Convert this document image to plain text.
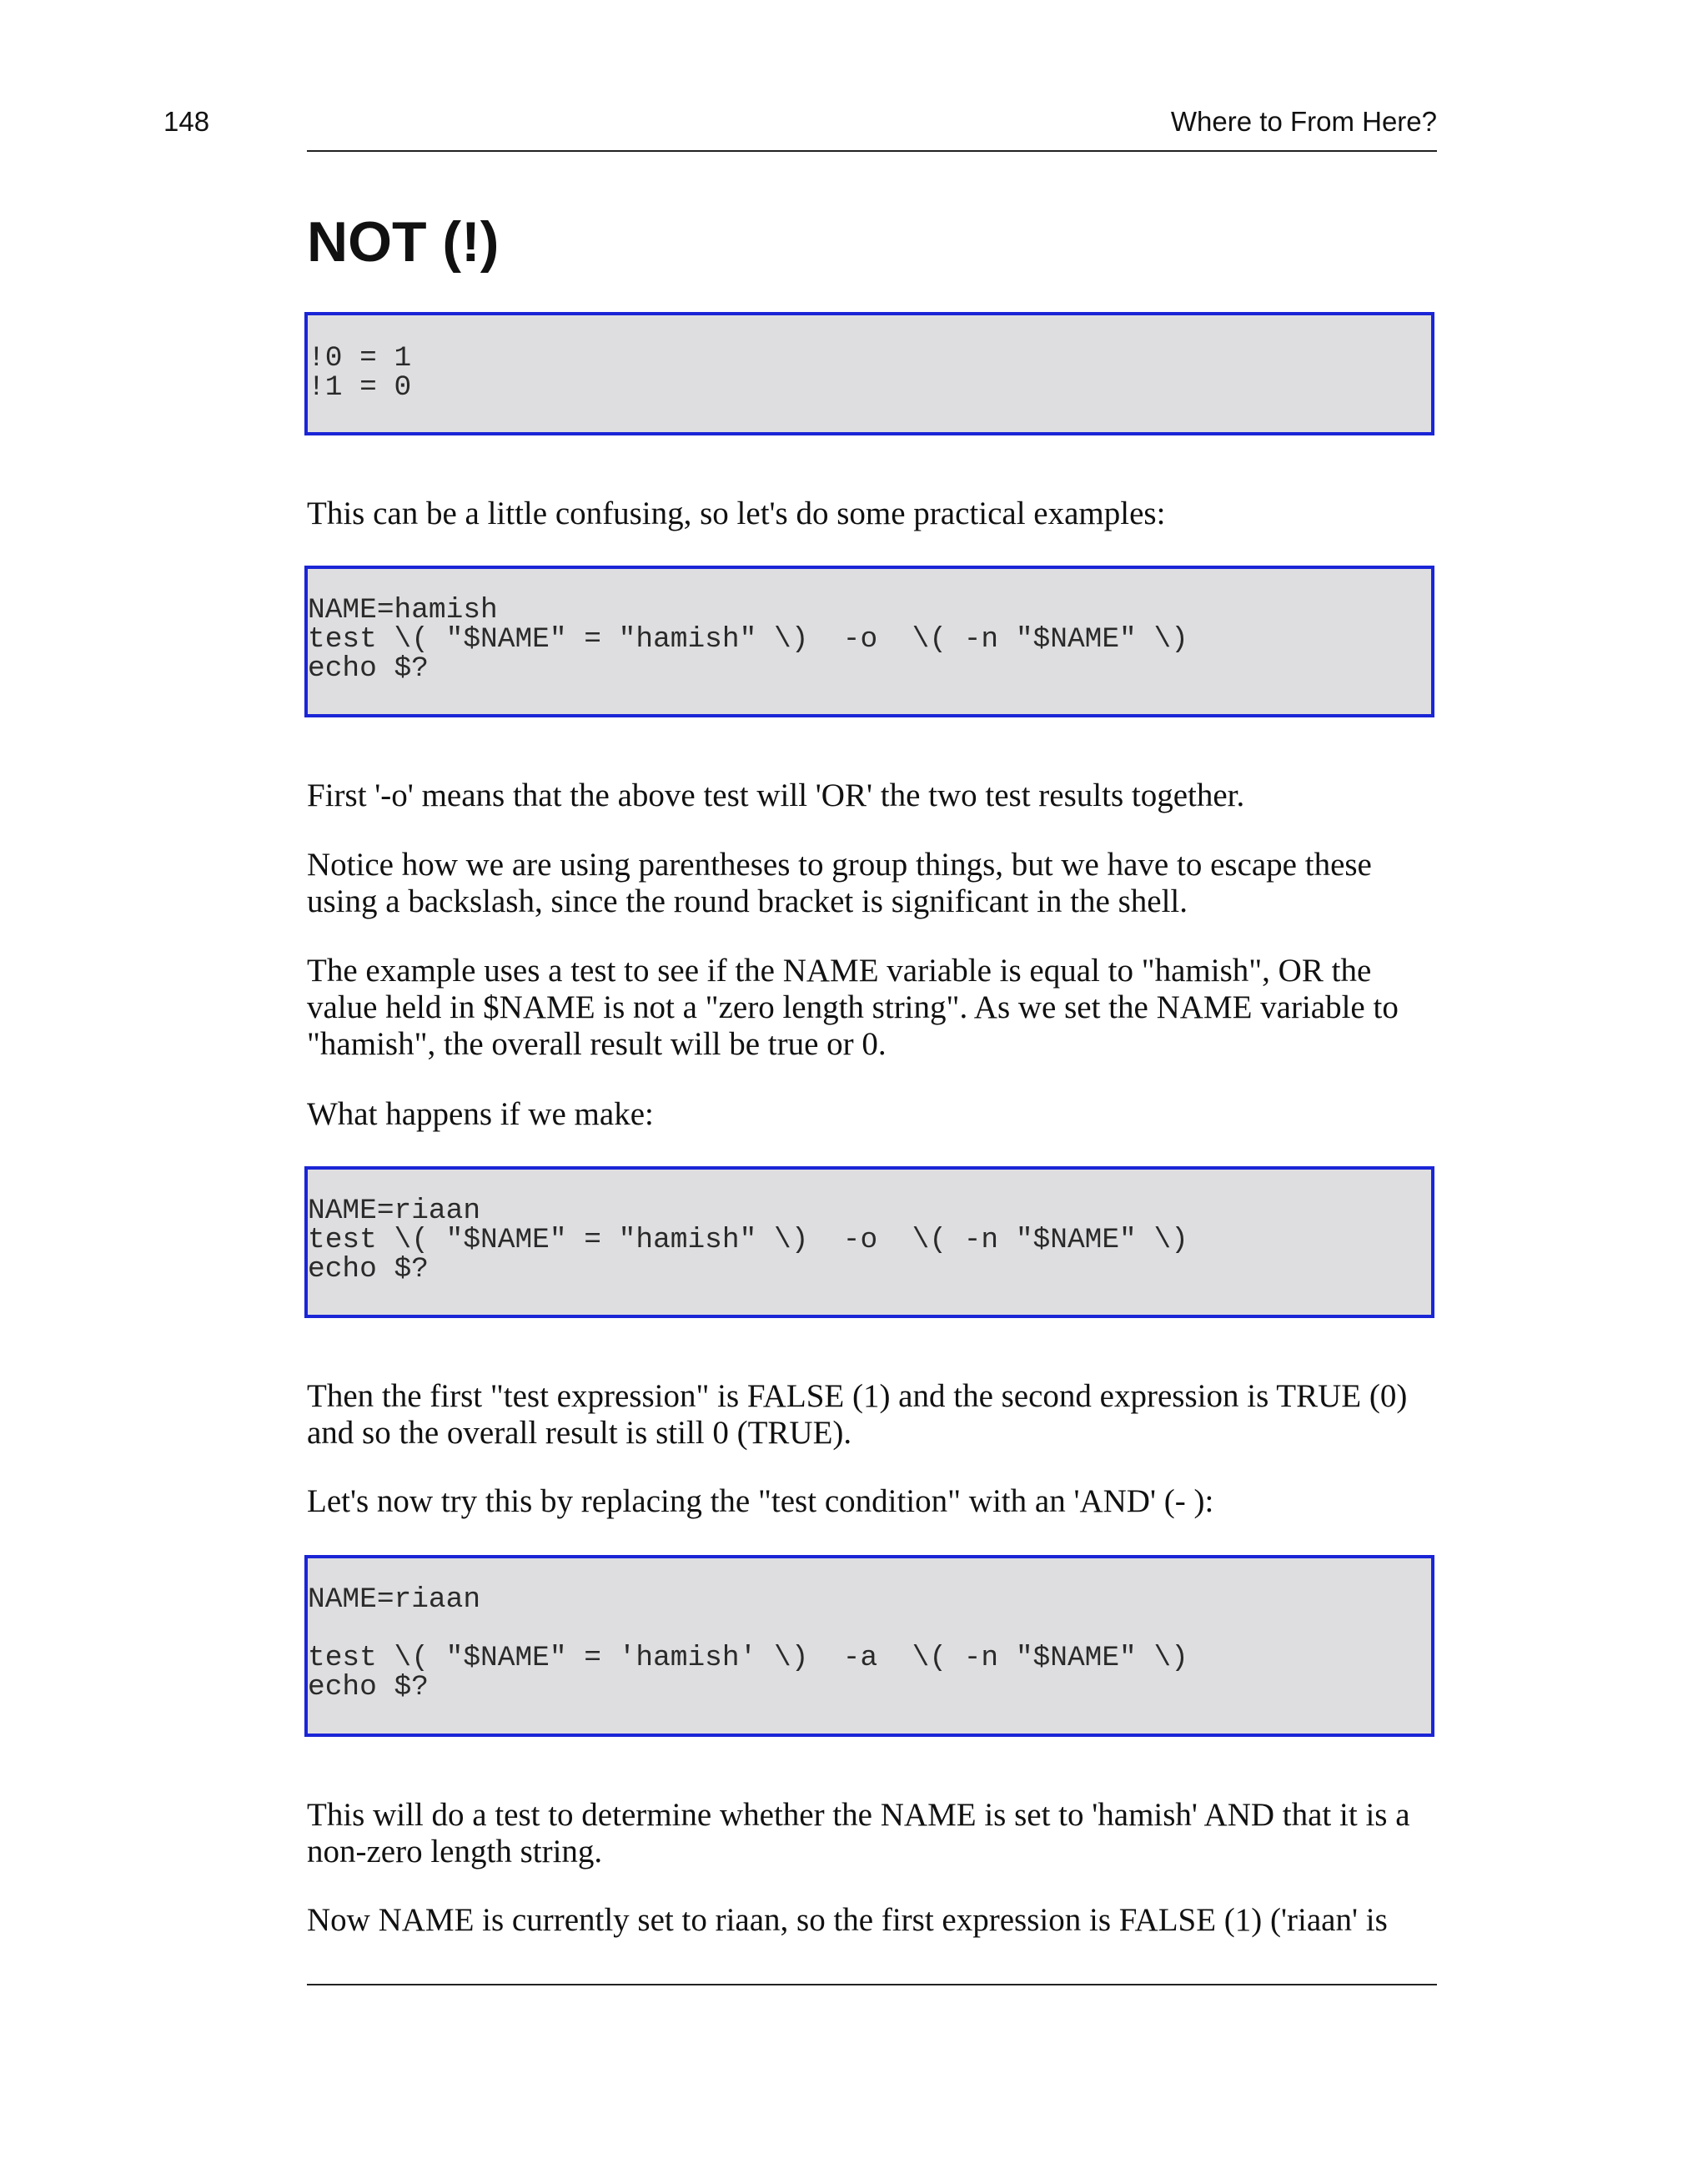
148	Where to From Here?
NOT (!)
!0 = 1
!1 = 0

This can be a little confusing, so let's do some practical examples:

NAME=hamish
test \( "$NAME" = "hamish" \)  -o  \( -n "$NAME" \)
echo $?

First '-o' means that the above test will 'OR' the two test results together.

Notice how we are using parentheses to group things, but we have to escape these using a backslash, since the round bracket is significant in the shell.

The example uses a test to see if the NAME variable is equal to "hamish", OR the value held in $NAME is not a "zero length string". As we set the NAME variable to "hamish", the overall result will be true or 0.

What happens if we make:

NAME=riaan
test \( "$NAME" = "hamish" \)  -o  \( -n "$NAME" \)
echo $?

Then the first "test expression" is FALSE (1) and the second expression is TRUE (0) and so the overall result is still 0 (TRUE).

Let's now try this by replacing the "test condition" with an 'AND' (- ):

NAME=riaan

test \( "$NAME" = 'hamish' \)  -a  \( -n "$NAME" \)
echo $?

This will do a test to determine whether the NAME is set to 'hamish' AND that it is a non-zero length string.

Now NAME is currently set to riaan, so the first expression is FALSE (1) ('riaan' is
